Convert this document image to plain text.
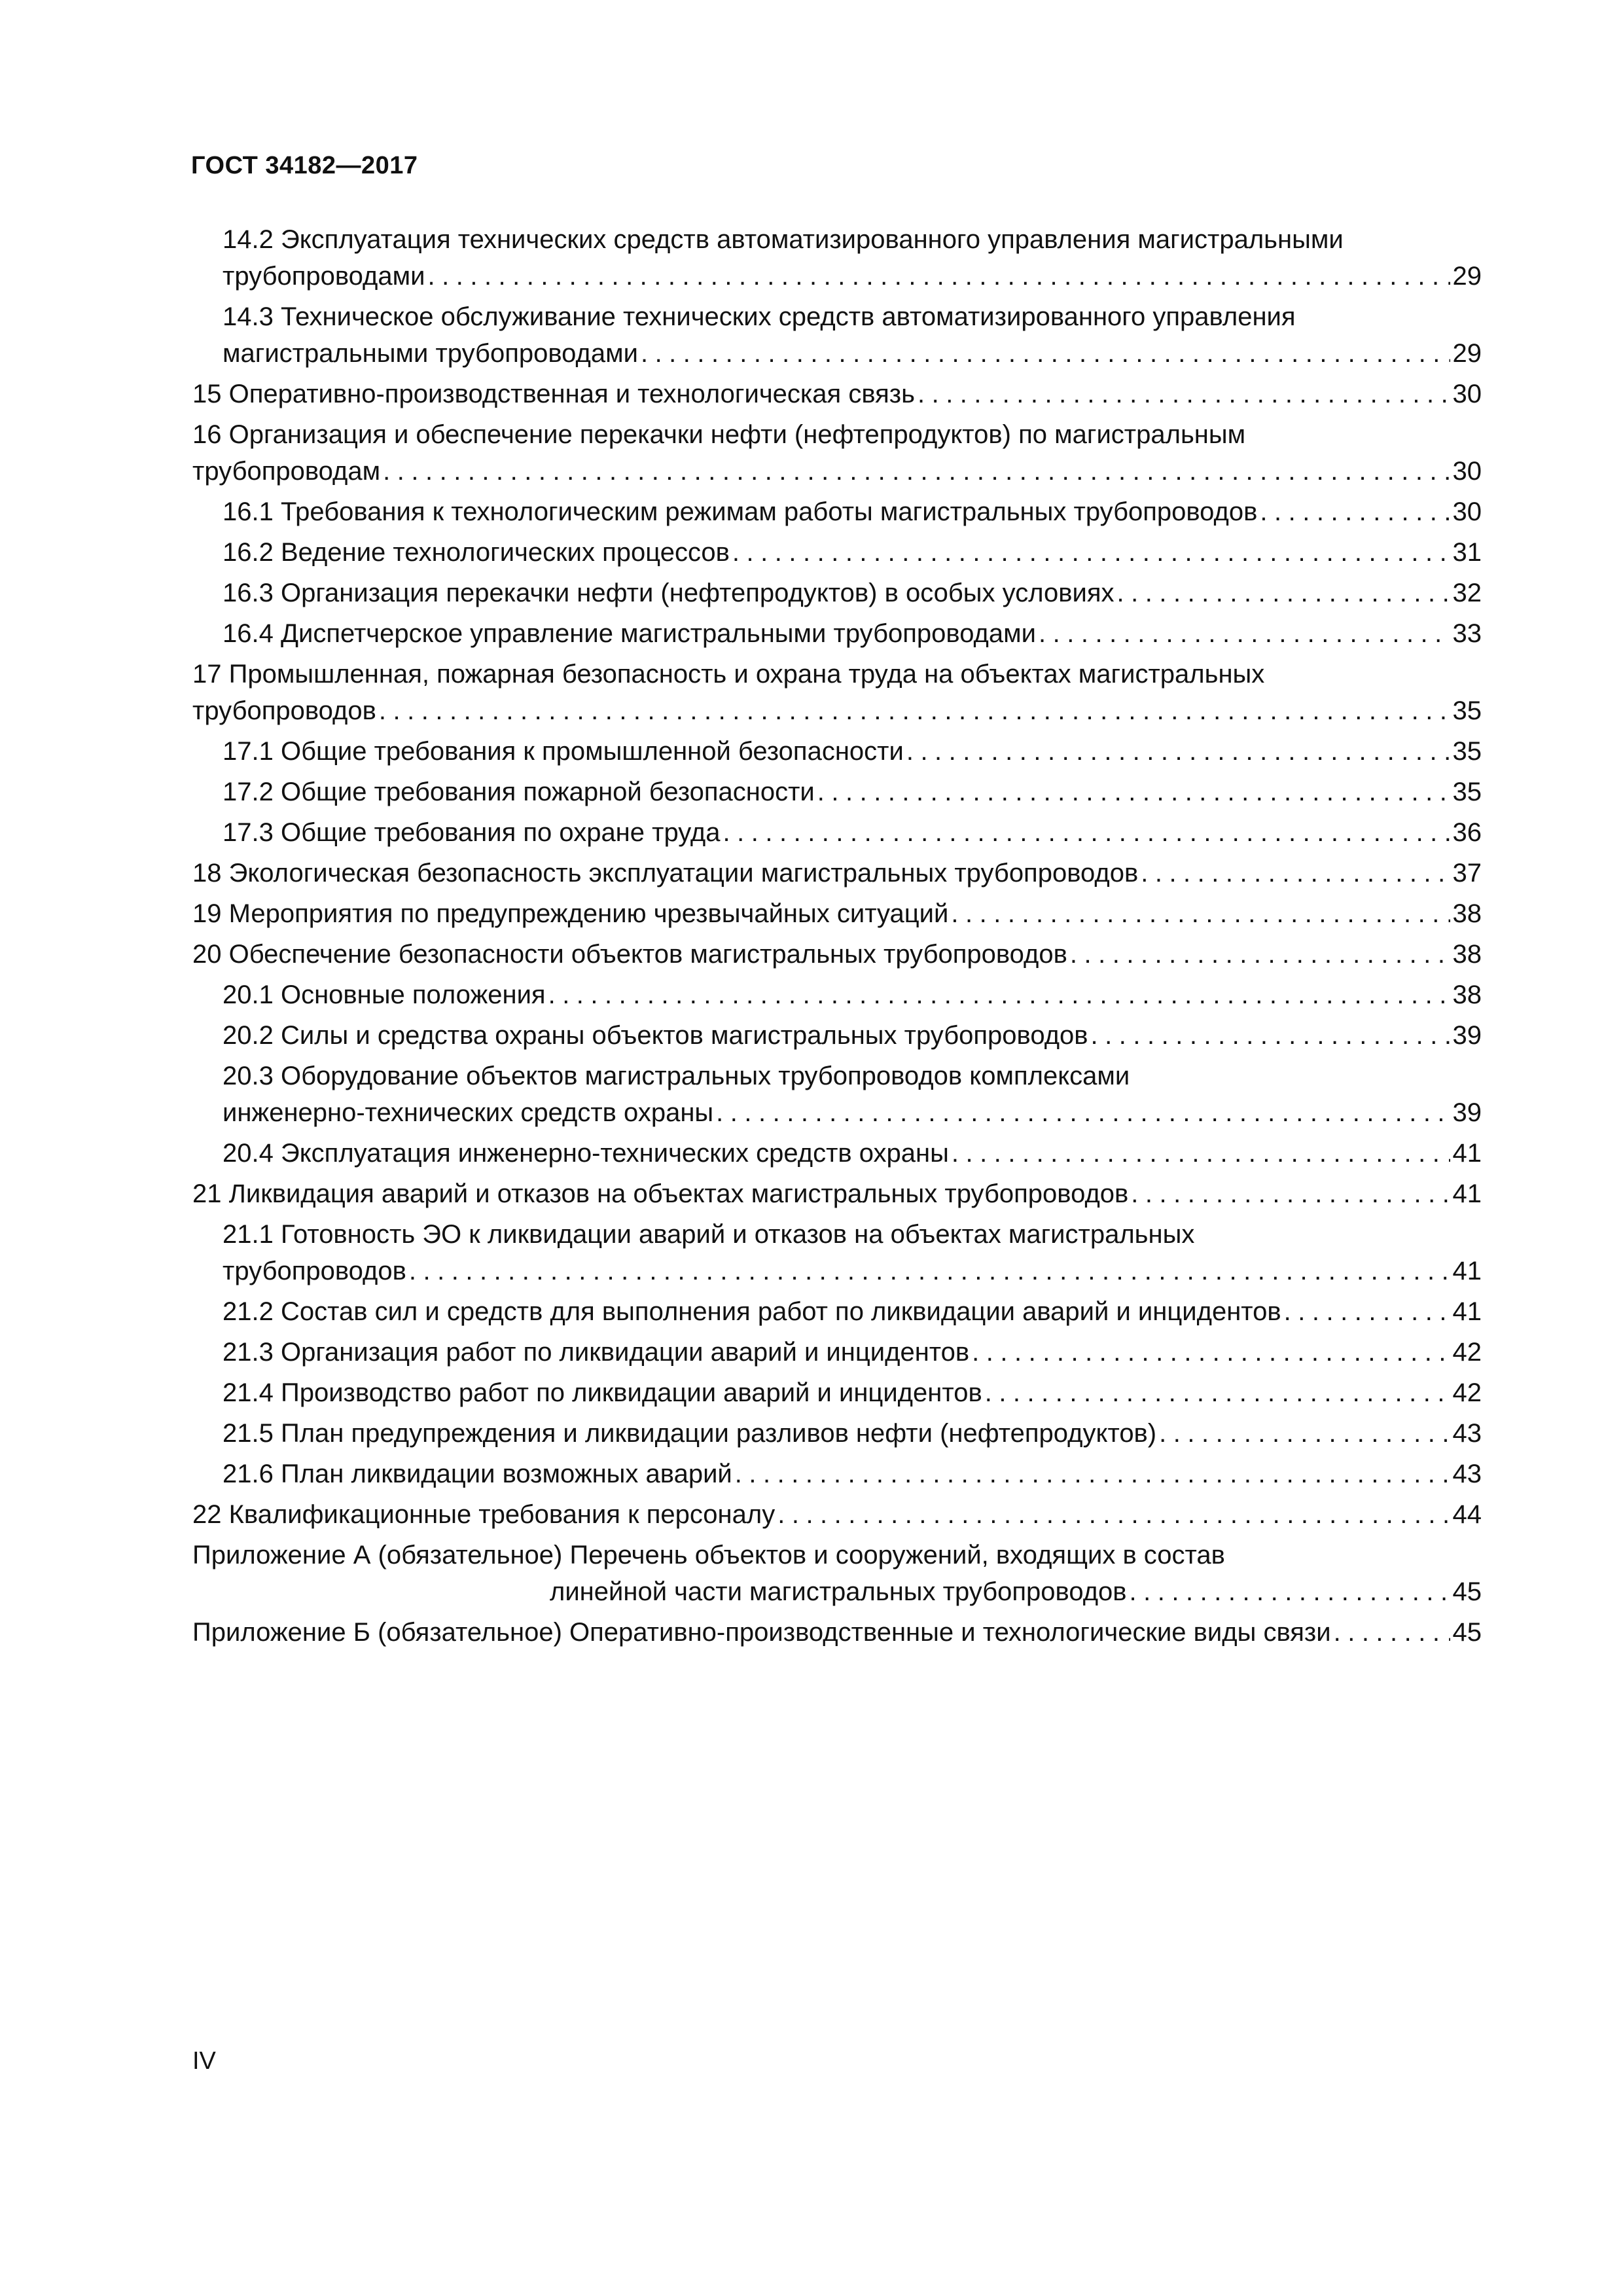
ГОСТ 34182—2017
14.2 Эксплуатация технических средств автоматизированного управления магистральными
трубопроводами .....	29
14.3 Техническое обслуживание технических средств автоматизированного управления
магистральными трубопроводами .....	29
15 Оперативно-производственная и технологическая связь .....	30
16 Организация и обеспечение перекачки нефти (нефтепродуктов) по магистральным
трубопроводам .....	30
16.1 Требования к технологическим режимам работы магистральных трубопроводов .....	30
16.2 Ведение технологических процессов .....	31
16.3 Организация перекачки нефти (нефтепродуктов) в особых условиях .....	32
16.4 Диспетчерское управление магистральными трубопроводами .....	33
17 Промышленная, пожарная безопасность и охрана труда на объектах магистральных
трубопроводов .....	35
17.1 Общие требования к промышленной безопасности .....	35
17.2 Общие требования пожарной безопасности .....	35
17.3 Общие требования по охране труда .....	36
18 Экологическая безопасность эксплуатации магистральных трубопроводов .....	37
19 Мероприятия по предупреждению чрезвычайных ситуаций .....	38
20 Обеспечение безопасности объектов магистральных трубопроводов .....	38
20.1 Основные положения .....	38
20.2 Силы и средства охраны объектов магистральных трубопроводов .....	39
20.3 Оборудование объектов магистральных трубопроводов комплексами
инженерно-технических средств охраны .....	39
20.4 Эксплуатация инженерно-технических средств охраны .....	41
21 Ликвидация аварий и отказов на объектах магистральных трубопроводов .....	41
21.1 Готовность ЭО к ликвидации аварий и отказов на объектах магистральных
трубопроводов .....	41
21.2 Состав сил и средств для выполнения работ по ликвидации аварий и инцидентов .....	41
21.3 Организация работ по ликвидации аварий и инцидентов .....	42
21.4 Производство работ по ликвидации аварий и инцидентов .....	42
21.5 План предупреждения и ликвидации разливов нефти (нефтепродуктов) .....	43
21.6 План ликвидации возможных аварий .....	43
22 Квалификационные требования к персоналу .....	44
Приложение А (обязательное) Перечень объектов и сооружений, входящих в состав
линейной части магистральных трубопроводов .....	45
Приложение Б (обязательное) Оперативно-производственные и технологические виды связи .....	45
IV
